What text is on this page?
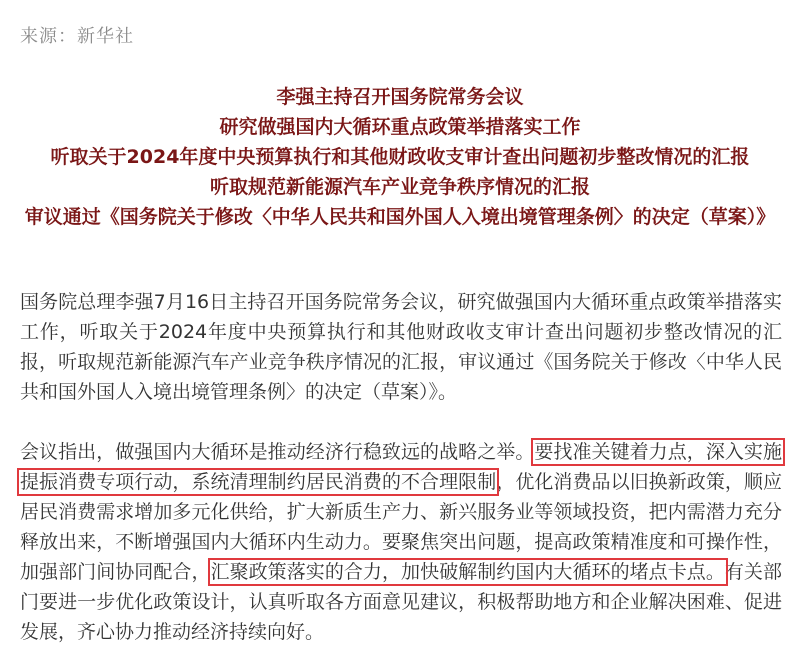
来源：新华社
李强主持召开国务院常务会议
研究做强国内大循环重点政策举措落实工作
听取关于2024年度中央预算执行和其他财政收支审计查出问题初步整改情况的汇报
听取规范新能源汽车产业竞争秩序情况的汇报
审议通过《国务院关于修改〈中华人民共和国外国人入境出境管理条例〉的决定（草案）》

国务院总理李强7月16日主持召开国务院常务会议，研究做强国内大循环重点政策举措落实工作，听取关于2024年度中央预算执行和其他财政收支审计查出问题初步整改情况的汇报，听取规范新能源汽车产业竞争秩序情况的汇报，审议通过《国务院关于修改〈中华人民共和国外国人入境出境管理条例〉的决定（草案）》。

会议指出，做强国内大循环是推动经济行稳致远的战略之举。要找准关键着力点，深入实施提振消费专项行动，系统清理制约居民消费的不合理限制，优化消费品以旧换新政策，顺应居民消费需求增加多元化供给，扩大新质生产力、新兴服务业等领域投资，把内需潜力充分释放出来，不断增强国内大循环内生动力。要聚焦突出问题，提高政策精准度和可操作性，加强部门间协同配合，汇聚政策落实的合力，加快破解制约国内大循环的堵点卡点。有关部门要进一步优化政策设计，认真听取各方面意见建议，积极帮助地方和企业解决困难、促进发展，齐心协力推动经济持续向好。
